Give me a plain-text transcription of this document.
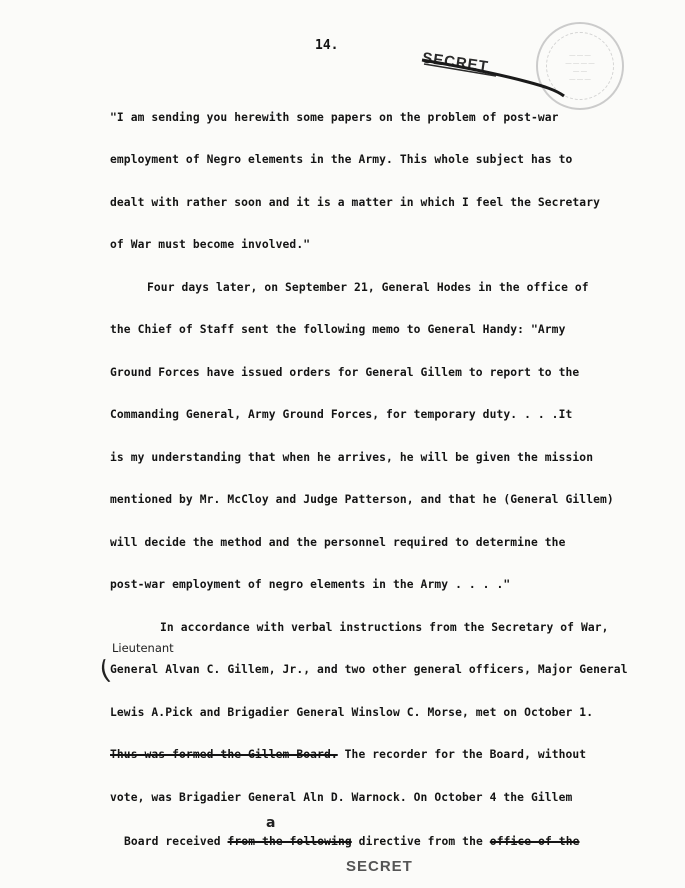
— — —
— — — —
— —
— — —
14.
SECRET
"I am sending you herewith some papers on the problem of post-war
employment of Negro elements in the Army. This whole subject has to
dealt with rather soon and it is a matter in which I feel the Secretary
of War must become involved."
Four days later, on September 21, General Hodes in the office of
the Chief of Staff sent the following memo to General Handy: "Army
Ground Forces have issued orders for General Gillem to report to the
Commanding General, Army Ground Forces, for temporary duty. . . .It
is my understanding that when he arrives, he will be given the mission
mentioned by Mr. McCloy and Judge Patterson, and that he (General Gillem)
will decide the method and the personnel required to determine the
post-war employment of negro elements in the Army . . . ."
In accordance with verbal instructions from the Secretary of War,
Lieutenant
(
General Alvan C. Gillem, Jr., and two other general officers, Major General
Lewis A.Pick and Brigadier General Winslow C. Morse, met on October 1.
Thus was formed the Gillem Board. The recorder for the Board, without
vote, was Brigadier General Aln D. Warnock. On October 4 the Gillem
a
Board received from the following directive from the office of the
SECRET
